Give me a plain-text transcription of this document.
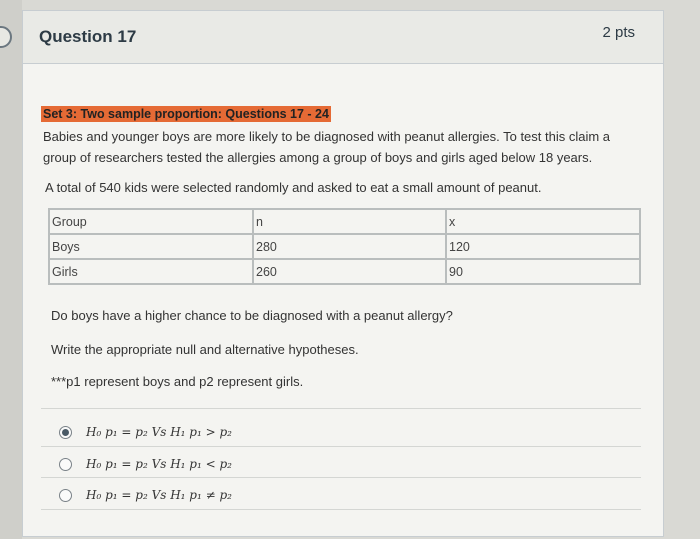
Question 17	2 pts
Set 3: Two sample proportion: Questions 17 - 24
Babies and younger boys are more likely to be diagnosed with peanut allergies. To test this claim a
group of researchers tested the allergies among a group of boys and girls aged below 18 years.
A total of 540 kids were selected randomly and asked to eat a small amount of peanut.
Group	n	x
Boys	280	120
Girls	260	90
Do boys have a higher chance to be diagnosed with a peanut allergy?
Write the appropriate null and alternative hypotheses.
***p1 represent boys and p2 represent girls.
H₀ p₁ = p₂ Vs H₁ p₁ > p₂
H₀ p₁ = p₂ Vs H₁ p₁ < p₂
H₀ p₁ = p₂ Vs H₁ p₁ ≠ p₂
